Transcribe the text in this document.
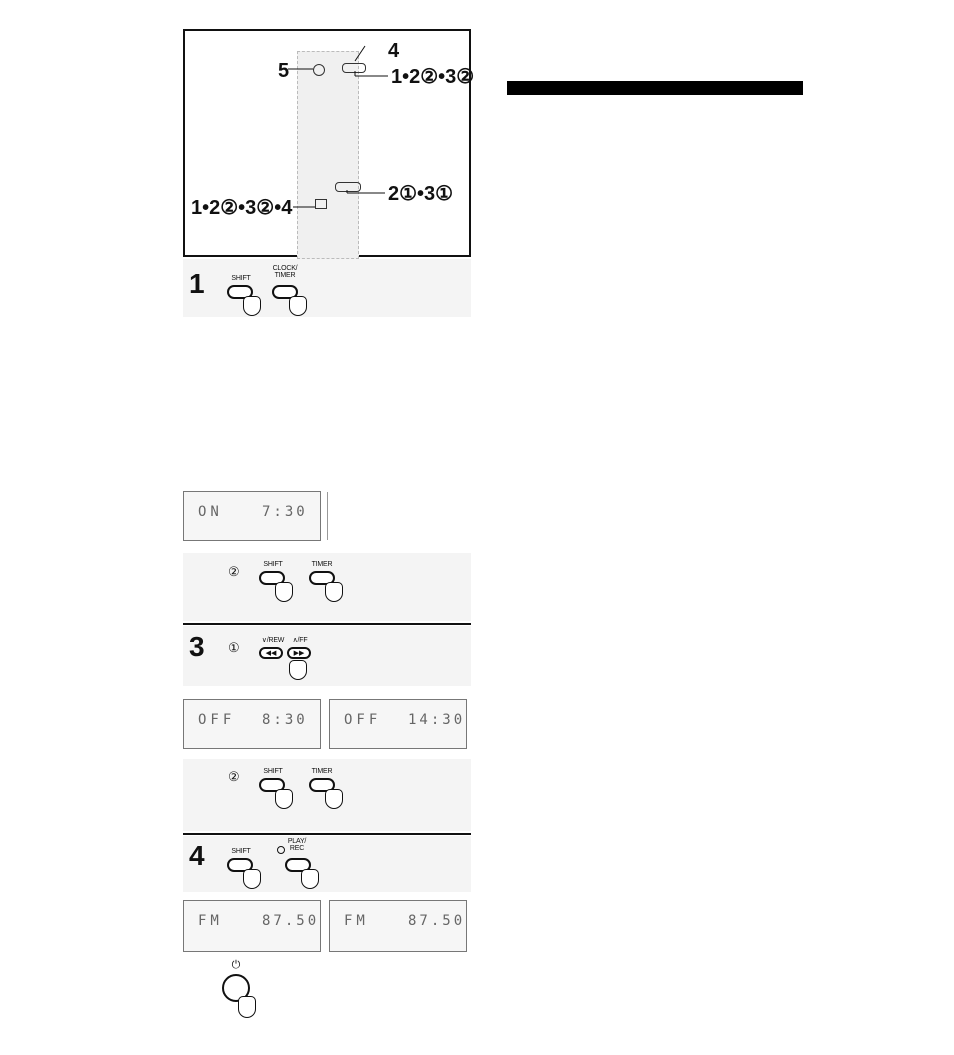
4
5	1•2②•3②
2①•3①
1•2②•3②•4
1	SHIFT
CLOCK/ TIMER
ON	7:30
②	SHIFT	TIMER
3 ①	∨/REW	∧/FF
◀◀	▶▶
OFF 8:30	OFF 14:30
②	SHIFT	TIMER
4	SHIFT
PLAY/ REC
FM	87.50 FM	87.50
⏻
